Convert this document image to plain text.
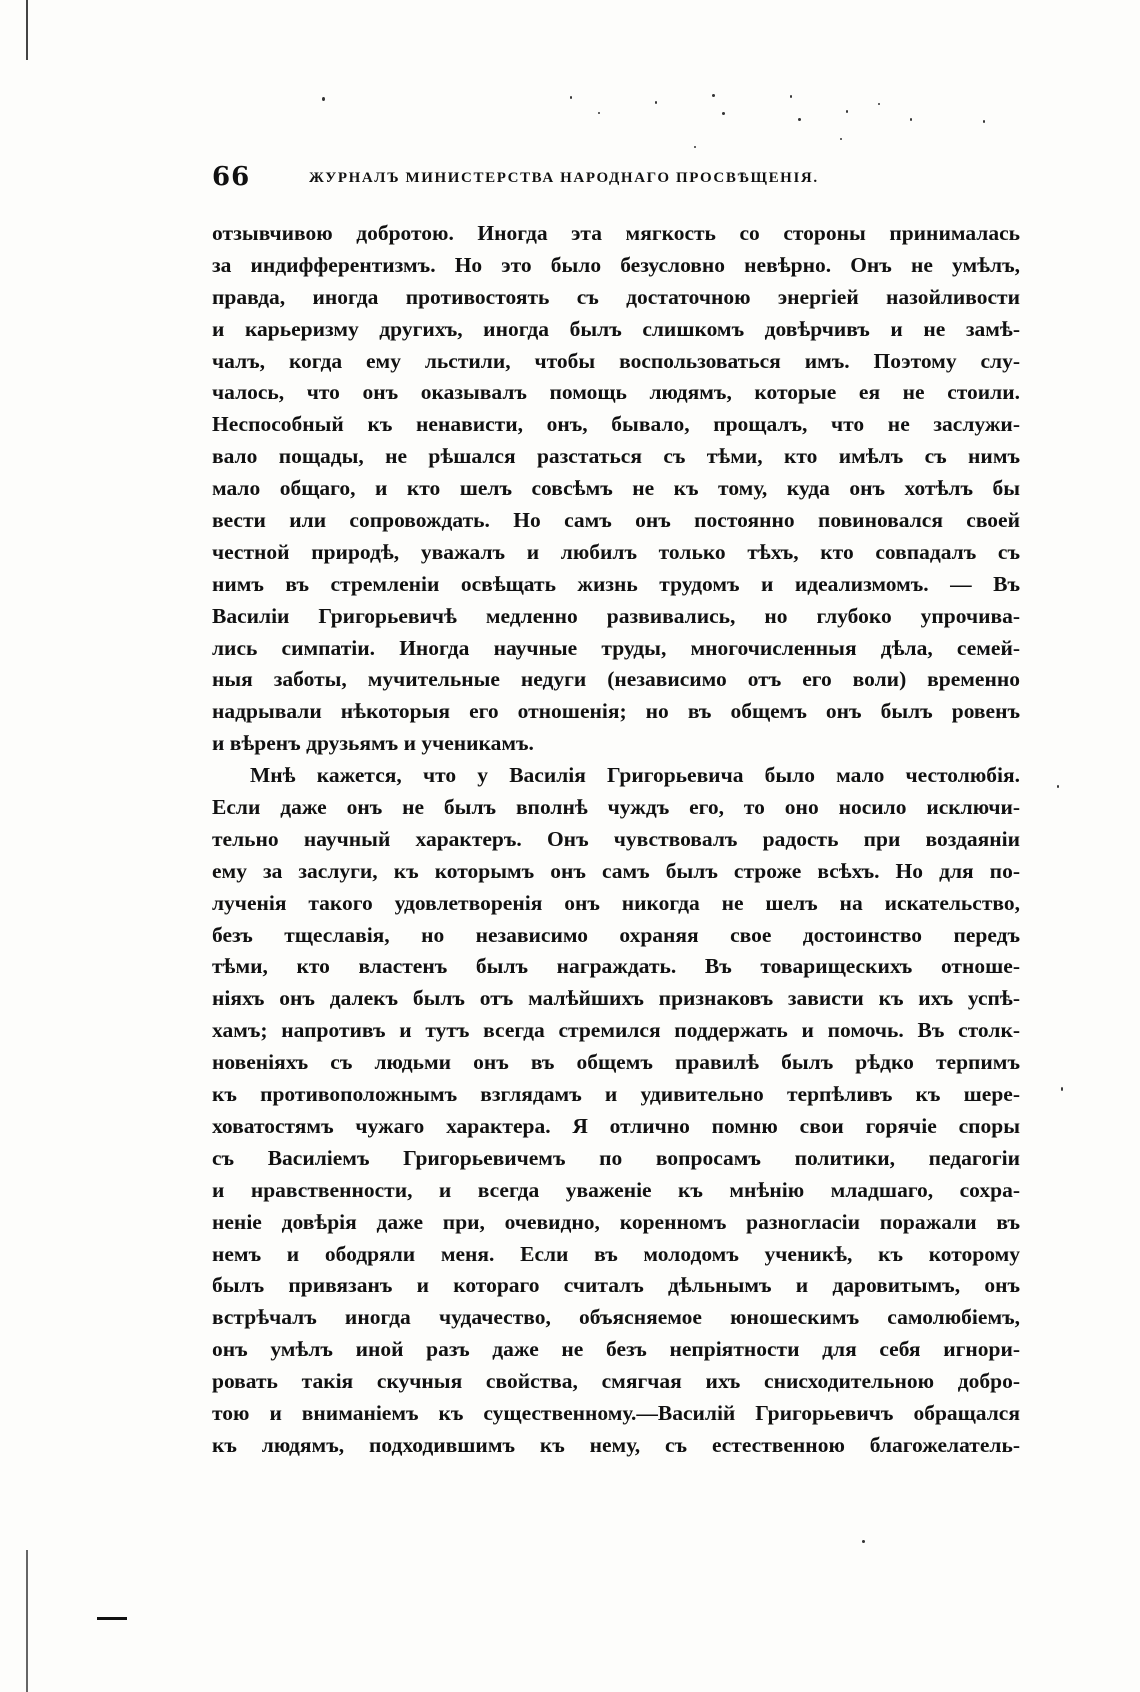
66	ЖУРНАЛЪ МИНИСТЕРСТВА НАРОДНАГО ПРОСВѢЩЕНІЯ.
отзывчивою добротою. Иногда эта мягкость со стороны принималась
за индифферентизмъ. Но это было безусловно невѣрно. Онъ не умѣлъ,
правда, иногда противостоять съ достаточною энергіей назойливости
и карьеризму другихъ, иногда былъ слишкомъ довѣрчивъ и не замѣ-
чалъ, когда ему льстили, чтобы воспользоваться имъ. Поэтому слу-
чалось, что онъ оказывалъ помощь людямъ, которые ея не стоили.
Неспособный къ ненависти, онъ, бывало, прощалъ, что не заслужи-
вало пощады, не рѣшался разстаться съ тѣми, кто имѣлъ съ нимъ
мало общаго, и кто шелъ совсѣмъ не къ тому, куда онъ хотѣлъ бы
вести или сопровождать. Но самъ онъ постоянно повиновался своей
честной природѣ, уважалъ и любилъ только тѣхъ, кто совпадалъ съ
нимъ въ стремленіи освѣщать жизнь трудомъ и идеализмомъ. — Въ
Василіи Григорьевичѣ медленно развивались, но глубоко упрочива-
лись симпатіи. Иногда научные труды, многочисленныя дѣла, семей-
ныя заботы, мучительные недуги (независимо отъ его воли) временно
надрывали нѣкоторыя его отношенія; но въ общемъ онъ былъ ровенъ
и вѣренъ друзьямъ и ученикамъ.
Мнѣ кажется, что у Василія Григорьевича было мало честолюбія.
Если даже онъ не былъ вполнѣ чуждъ его, то оно носило исключи-
тельно научный характеръ. Онъ чувствовалъ радость при воздаяніи
ему за заслуги, къ которымъ онъ самъ былъ строже всѣхъ. Но для по-
лученія такого удовлетворенія онъ никогда не шелъ на искательство,
безъ тщеславія, но независимо охраняя свое достоинство передъ
тѣми, кто властенъ былъ награждать. Въ товарищескихъ отноше-
ніяхъ онъ далекъ былъ отъ малѣйшихъ признаковъ зависти къ ихъ успѣ-
хамъ; напротивъ и тутъ всегда стремился поддержать и помочь. Въ столк-
новеніяхъ съ людьми онъ въ общемъ правилѣ былъ рѣдко терпимъ
къ противоположнымъ взглядамъ и удивительно терпѣливъ къ шере-
ховатостямъ чужаго характера. Я отлично помню свои горячіе споры
съ Василіемъ Григорьевичемъ по вопросамъ политики, педагогіи
и нравственности, и всегда уваженіе къ мнѣнію младшаго, сохра-
неніе довѣрія даже при, очевидно, коренномъ разногласіи поражали въ
немъ и ободряли меня. Если въ молодомъ ученикѣ, къ которому
былъ привязанъ и котораго считалъ дѣльнымъ и даровитымъ, онъ
встрѣчалъ иногда чудачество, объясняемое юношескимъ самолюбіемъ,
онъ умѣлъ иной разъ даже не безъ непріятности для себя игнори-
ровать такія скучныя свойства, смягчая ихъ снисходительною добро-
тою и вниманіемъ къ существенному.—Василій Григорьевичъ обращался
къ людямъ, подходившимъ къ нему, съ естественною благожелатель-
